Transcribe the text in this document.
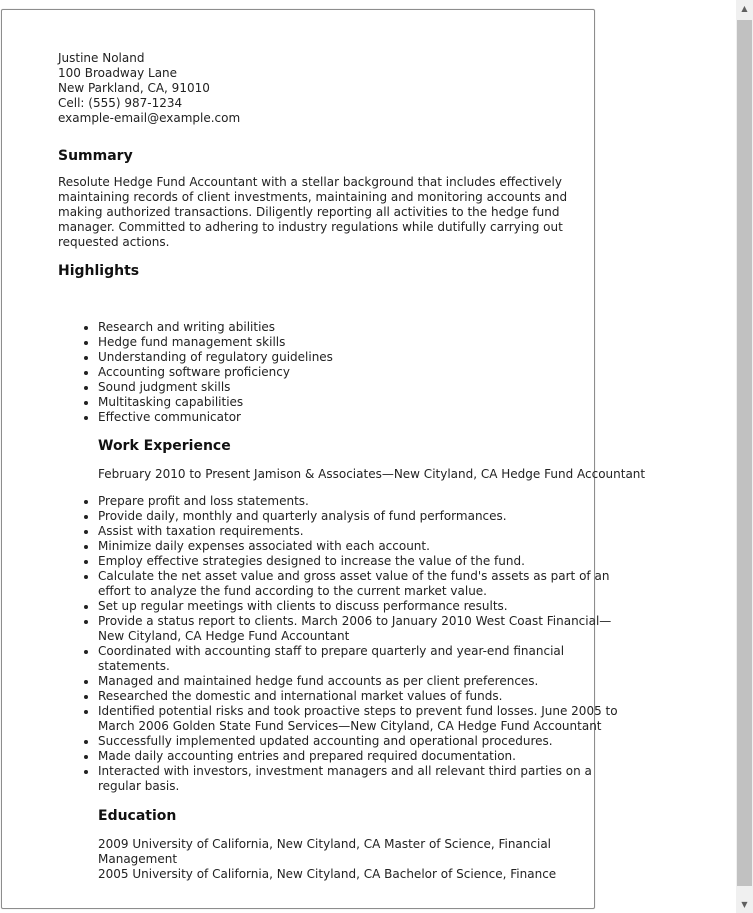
Justine Noland
100 Broadway Lane
New Parkland, CA, 91010
Cell: (555) 987-1234
example-email@example.com
Summary

Resolute Hedge Fund Accountant with a stellar background that includes effectively maintaining records of client investments, maintaining and monitoring accounts and making authorized transactions. Diligently reporting all activities to the hedge fund manager. Committed to adhering to industry regulations while dutifully carrying out requested actions.

Highlights
• Research and writing abilities
• Hedge fund management skills
• Understanding of regulatory guidelines
• Accounting software proficiency
• Sound judgment skills
• Multitasking capabilities
• Effective communicator
Work Experience
February 2010 to Present Jamison & Associates—New Cityland, CA Hedge Fund Accountant
• Prepare profit and loss statements.
• Provide daily, monthly and quarterly analysis of fund performances.
• Assist with taxation requirements.
• Minimize daily expenses associated with each account.
• Employ effective strategies designed to increase the value of the fund.
• Calculate the net asset value and gross asset value of the fund's assets as part of an effort to analyze the fund according to the current market value.
• Set up regular meetings with clients to discuss performance results.
• Provide a status report to clients. March 2006 to January 2010 West Coast Financial—New Cityland, CA Hedge Fund Accountant
• Coordinated with accounting staff to prepare quarterly and year-end financial statements.
• Managed and maintained hedge fund accounts as per client preferences.
• Researched the domestic and international market values of funds.
• Identified potential risks and took proactive steps to prevent fund losses. June 2005 to March 2006 Golden State Fund Services—New Cityland, CA Hedge Fund Accountant
• Successfully implemented updated accounting and operational procedures.
• Made daily accounting entries and prepared required documentation.
• Interacted with investors, investment managers and all relevant third parties on a regular basis.
Education
2009 University of California, New Cityland, CA Master of Science, Financial Management
2005 University of California, New Cityland, CA Bachelor of Science, Finance
▲
▼
